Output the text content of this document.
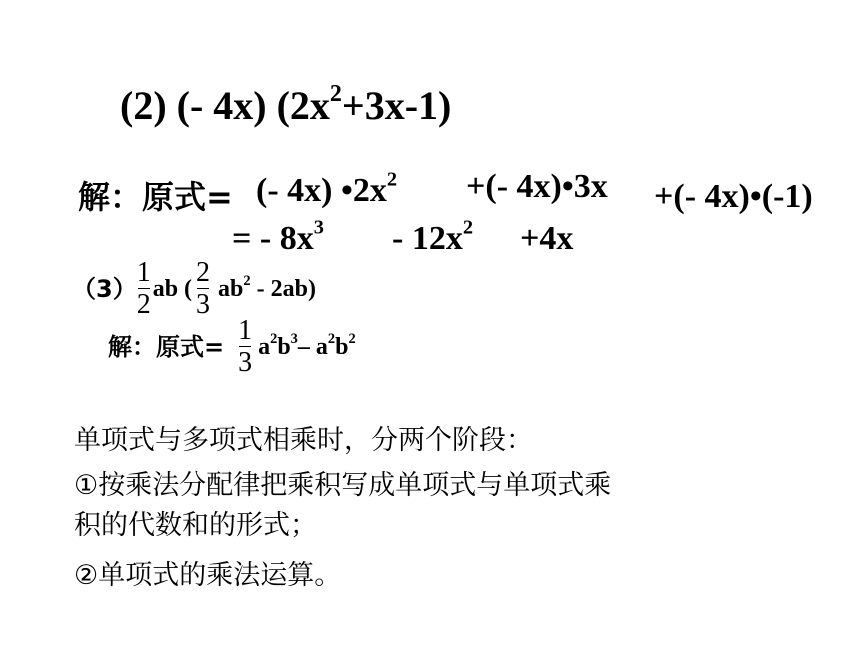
(2) (- 4x) $(2x^2+3x-1)$
解：原式= (- 4x) $•2x^2$ +(- 4x)•3x +(- 4x)•(-1)
= - $8x^3 - 12x^2 +4x$
$(3) \frac{1}{2}$ ab ( $\frac{2}{3} ab^2 - 2ab$)
解：原式= $\frac{1}{3} a^2b^3-$ $a^2b^2$
单项式与多项式相乘时，分两个阶段：
①按乘法分配律把乘积写成单项式与单项式乘
积的代数和的形式；
②单项式的乘法运算。
